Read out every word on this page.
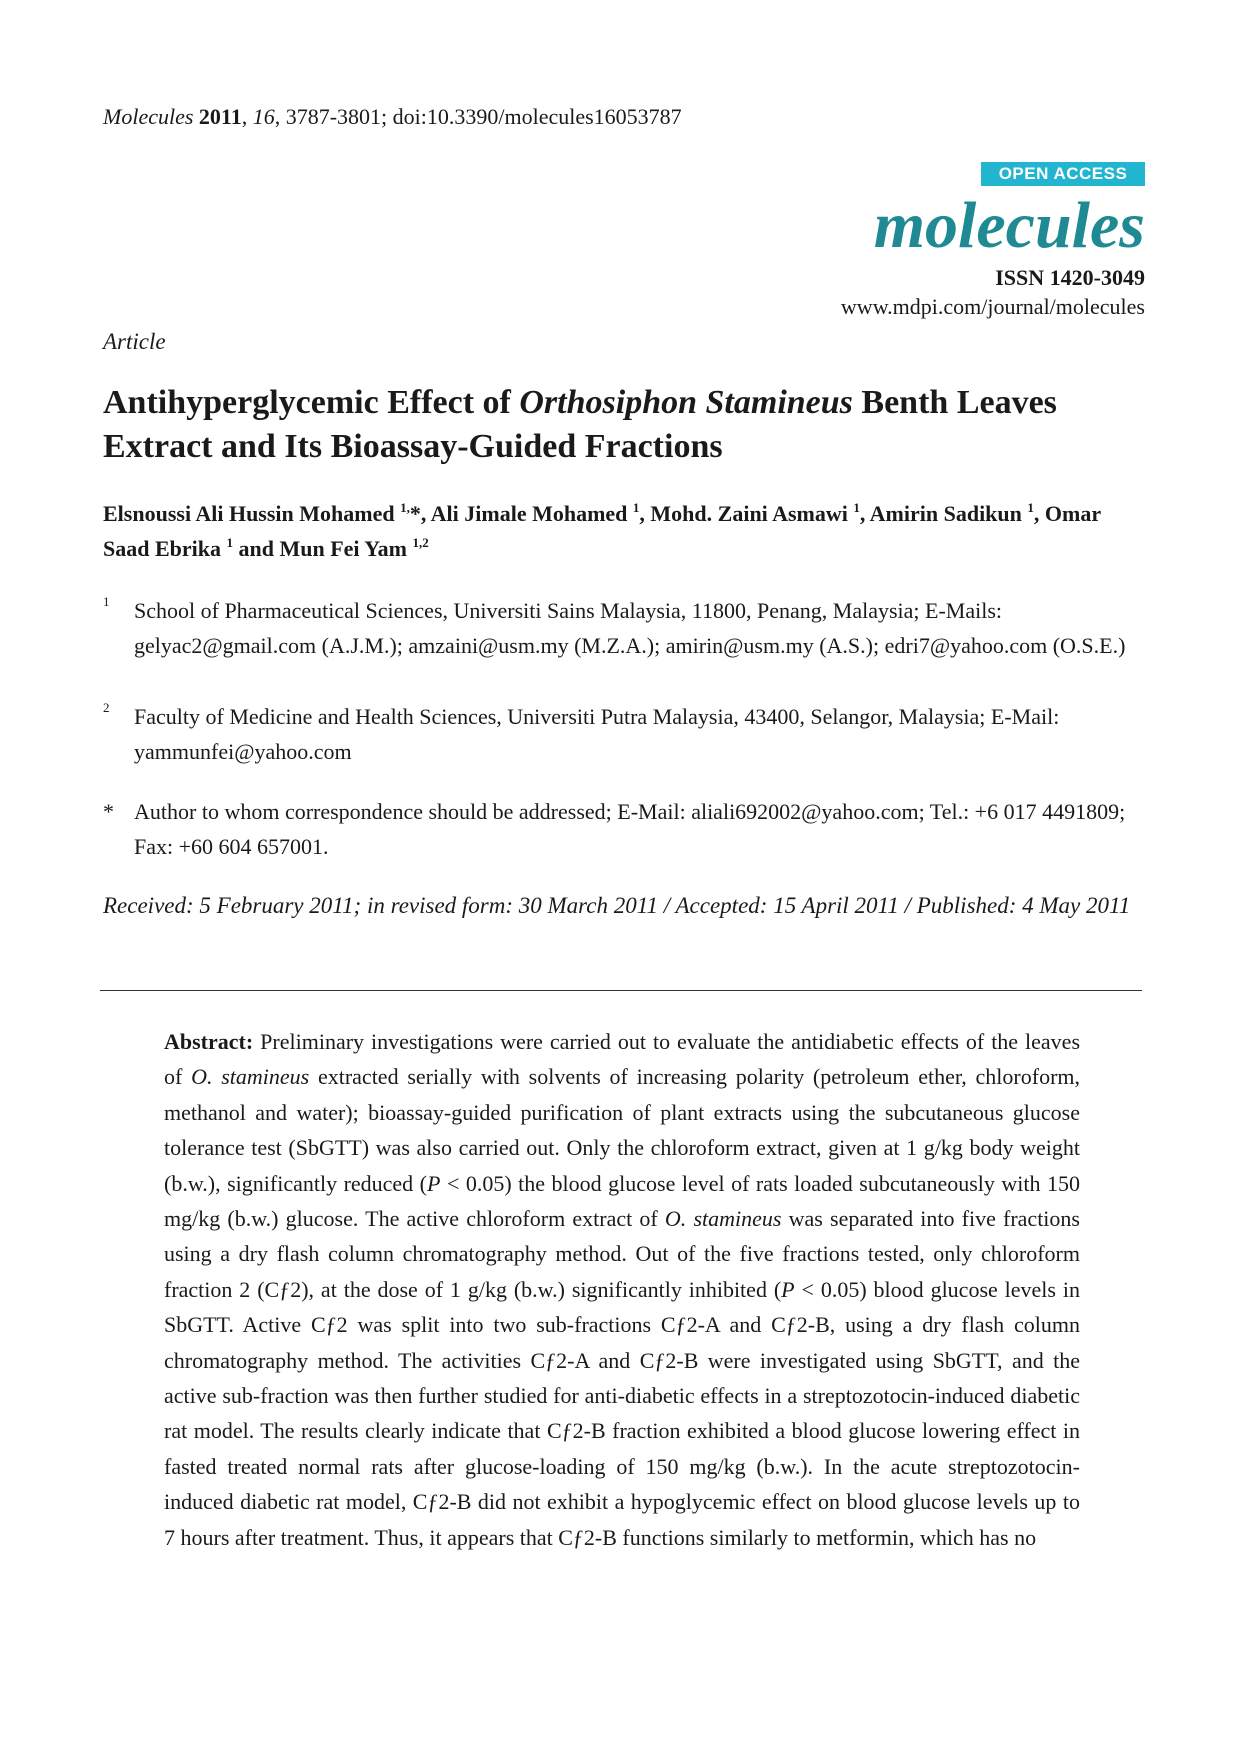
Molecules 2011, 16, 3787-3801; doi:10.3390/molecules16053787
OPEN ACCESS
molecules
ISSN 1420-3049
www.mdpi.com/journal/molecules
Article
Antihyperglycemic Effect of Orthosiphon Stamineus Benth Leaves Extract and Its Bioassay-Guided Fractions
Elsnoussi Ali Hussin Mohamed $^{1,}$*, Ali Jimale Mohamed $^1$, Mohd. Zaini Asmawi $^1$, Amirin Sadikun $^1$, Omar Saad Ebrika $^1$ and Mun Fei Yam $^{1,2}$
1 School of Pharmaceutical Sciences, Universiti Sains Malaysia, 11800, Penang, Malaysia; E-Mails: gelyac2@gmail.com (A.J.M.); amzaini@usm.my (M.Z.A.); amirin@usm.my (A.S.); edri7@yahoo.com (O.S.E.)
2 Faculty of Medicine and Health Sciences, Universiti Putra Malaysia, 43400, Selangor, Malaysia; E-Mail: yammunfei@yahoo.com
* Author to whom correspondence should be addressed; E-Mail: aliali692002@yahoo.com; Tel.: +6 017 4491809; Fax: +60 604 657001.
Received: 5 February 2011; in revised form: 30 March 2011 / Accepted: 15 April 2011 / Published: 4 May 2011
Abstract: Preliminary investigations were carried out to evaluate the antidiabetic effects of the leaves of O. stamineus extracted serially with solvents of increasing polarity (petroleum ether, chloroform, methanol and water); bioassay-guided purification of plant extracts using the subcutaneous glucose tolerance test (SbGTT) was also carried out. Only the chloroform extract, given at 1 g/kg body weight (b.w.), significantly reduced (P < 0.05) the blood glucose level of rats loaded subcutaneously with 150 mg/kg (b.w.) glucose. The active chloroform extract of O. stamineus was separated into five fractions using a dry flash column chromatography method. Out of the five fractions tested, only chloroform fraction 2 (Cƒ2), at the dose of 1 g/kg (b.w.) significantly inhibited (P < 0.05) blood glucose levels in SbGTT. Active Cƒ2 was split into two sub-fractions Cƒ2-A and Cƒ2-B, using a dry flash column chromatography method. The activities Cƒ2-A and Cƒ2-B were investigated using SbGTT, and the active sub-fraction was then further studied for anti-diabetic effects in a streptozotocin-induced diabetic rat model. The results clearly indicate that Cƒ2-B fraction exhibited a blood glucose lowering effect in fasted treated normal rats after glucose-loading of 150 mg/kg (b.w.). In the acute streptozotocin-induced diabetic rat model, Cƒ2-B did not exhibit a hypoglycemic effect on blood glucose levels up to 7 hours after treatment. Thus, it appears that Cƒ2-B functions similarly to metformin, which has no
